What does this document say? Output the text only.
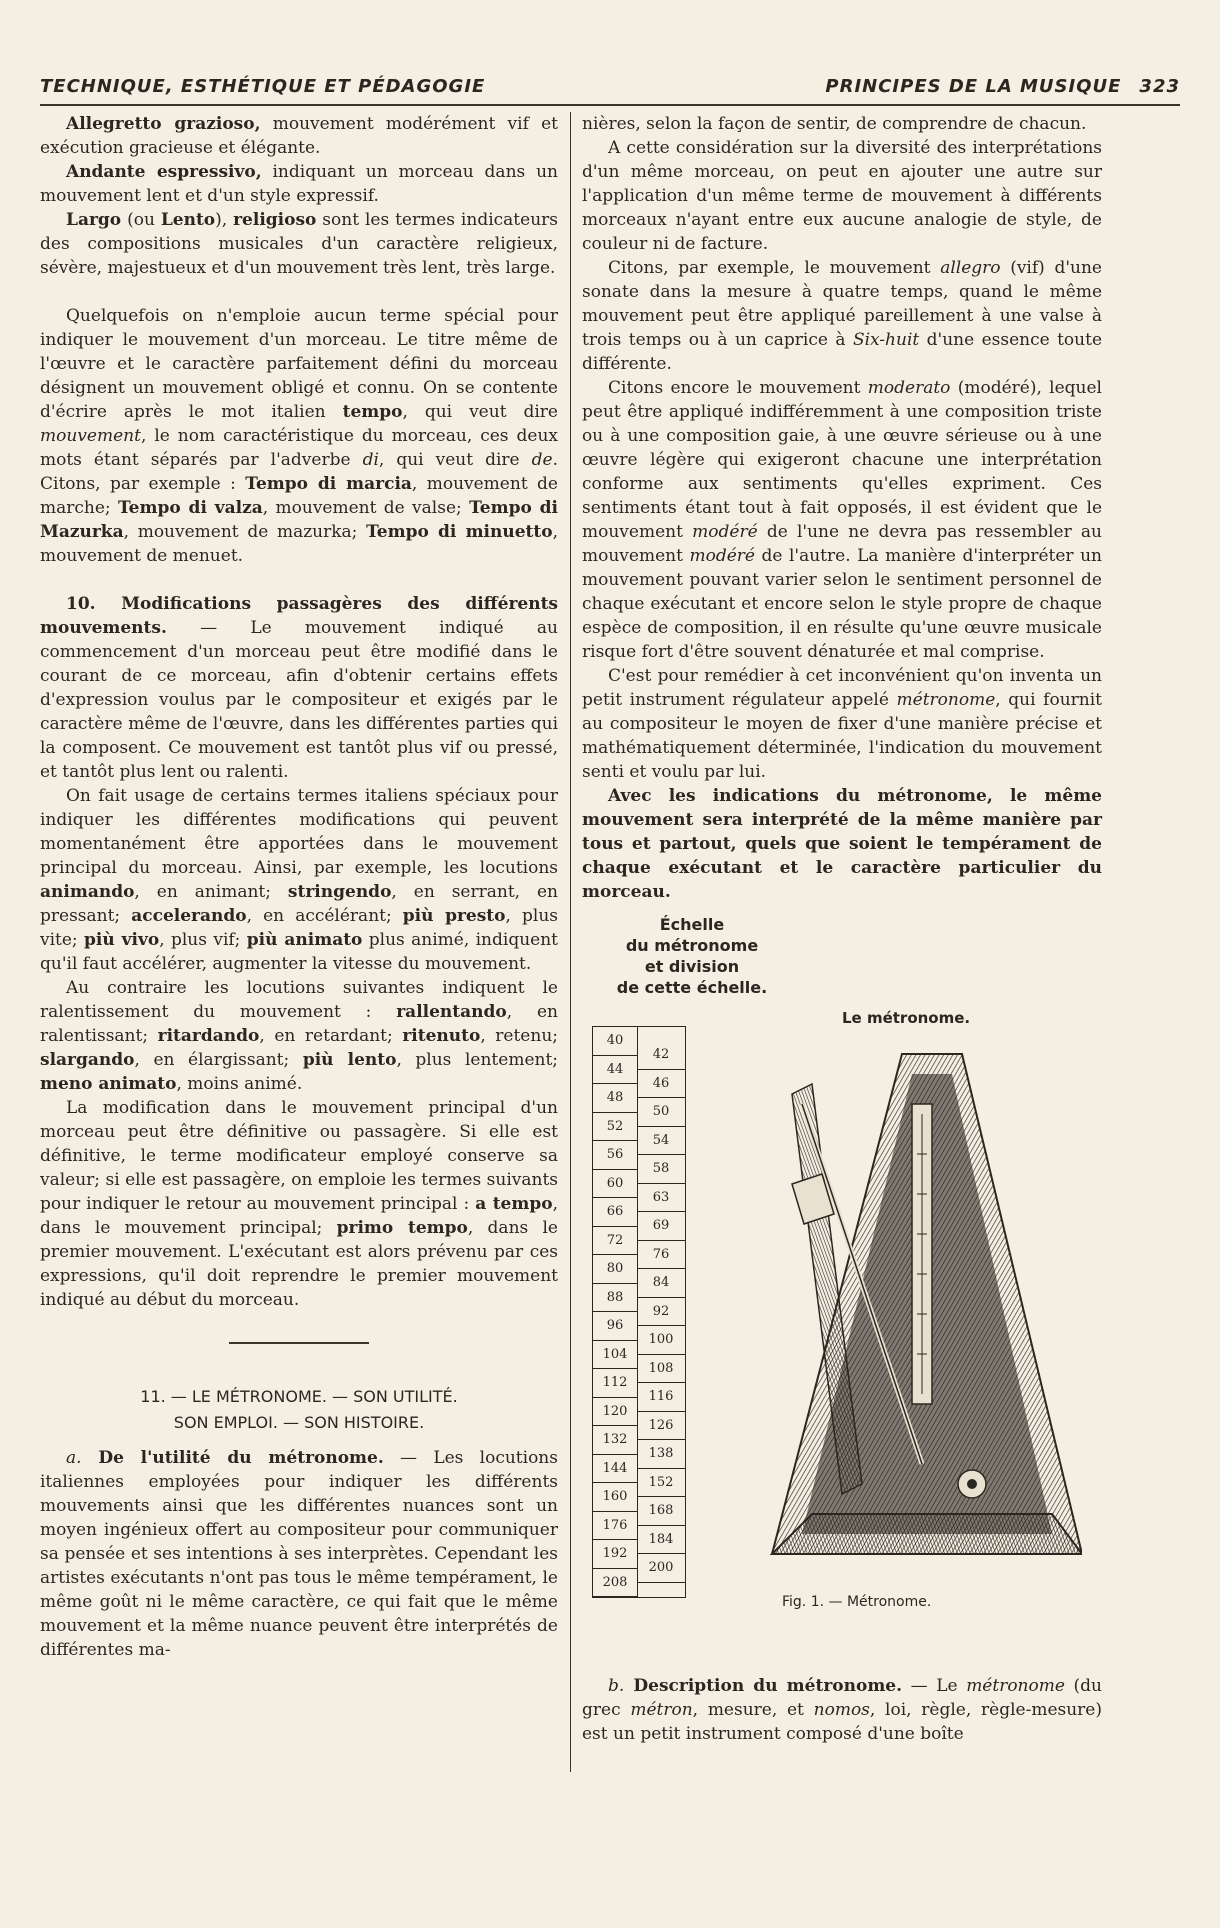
TECHNIQUE, ESTHÉTIQUE ET PÉDAGOGIE	PRINCIPES DE LA MUSIQUE 323

Allegretto grazioso, mouvement modérément vif et exécution gracieuse et élégante.

Andante espressivo, indiquant un morceau dans un mouvement lent et d'un style expressif.

Largo (ou Lento), religioso sont les termes indicateurs des compositions musicales d'un caractère religieux, sévère, majestueux et d'un mouvement très lent, très large.

Quelquefois on n'emploie aucun terme spécial pour indiquer le mouvement d'un morceau. Le titre même de l'œuvre et le caractère parfaitement défini du morceau désignent un mouvement obligé et connu. On se contente d'écrire après le mot italien tempo, qui veut dire mouvement, le nom caractéristique du morceau, ces deux mots étant séparés par l'adverbe di, qui veut dire de. Citons, par exemple : Tempo di marcia, mouvement de marche; Tempo di valza, mouvement de valse; Tempo di Mazurka, mouvement de mazurka; Tempo di minuetto, mouvement de menuet.

10. Modifications passagères des différents mouvements. — Le mouvement indiqué au commencement d'un morceau peut être modifié dans le courant de ce morceau, afin d'obtenir certains effets d'expression voulus par le compositeur et exigés par le caractère même de l'œuvre, dans les différentes parties qui la composent. Ce mouvement est tantôt plus vif ou pressé, et tantôt plus lent ou ralenti.

On fait usage de certains termes italiens spéciaux pour indiquer les différentes modifications qui peuvent momentanément être apportées dans le mouvement principal du morceau. Ainsi, par exemple, les locutions animando, en animant; stringendo, en serrant, en pressant; accelerando, en accélérant; più presto, plus vite; più vivo, plus vif; più animato plus animé, indiquent qu'il faut accélérer, augmenter la vitesse du mouvement.

Au contraire les locutions suivantes indiquent le ralentissement du mouvement : rallentando, en ralentissant; ritardando, en retardant; ritenuto, retenu; slargando, en élargissant; più lento, plus lentement; meno animato, moins animé.

La modification dans le mouvement principal d'un morceau peut être définitive ou passagère. Si elle est définitive, le terme modificateur employé conserve sa valeur; si elle est passagère, on emploie les termes suivants pour indiquer le retour au mouvement principal : a tempo, dans le mouvement principal; primo tempo, dans le premier mouvement. L'exécutant est alors prévenu par ces expressions, qu'il doit reprendre le premier mouvement indiqué au début du morceau.

11. — LE MÉTRONOME. — SON UTILITÉ.
SON EMPLOI. — SON HISTOIRE.

a. De l'utilité du métronome. — Les locutions italiennes employées pour indiquer les différents mouvements ainsi que les différentes nuances sont un moyen ingénieux offert au compositeur pour communiquer sa pensée et ses intentions à ses interprètes. Cependant les artistes exécutants n'ont pas tous le même tempérament, le même goût ni le même caractère, ce qui fait que le même mouvement et la même nuance peuvent être interprétés de différentes ma-

nières, selon la façon de sentir, de comprendre de chacun.

A cette considération sur la diversité des interprétations d'un même morceau, on peut en ajouter une autre sur l'application d'un même terme de mouvement à différents morceaux n'ayant entre eux aucune analogie de style, de couleur ni de facture.

Citons, par exemple, le mouvement allegro (vif) d'une sonate dans la mesure à quatre temps, quand le même mouvement peut être appliqué pareillement à une valse à trois temps ou à un caprice à Six-huit d'une essence toute différente.

Citons encore le mouvement moderato (modéré), lequel peut être appliqué indifféremment à une composition triste ou à une composition gaie, à une œuvre sérieuse ou à une œuvre légère qui exigeront chacune une interprétation conforme aux sentiments qu'elles expriment. Ces sentiments étant tout à fait opposés, il est évident que le mouvement modéré de l'une ne devra pas ressembler au mouvement modéré de l'autre. La manière d'interpréter un mouvement pouvant varier selon le sentiment personnel de chaque exécutant et encore selon le style propre de chaque espèce de composition, il en résulte qu'une œuvre musicale risque fort d'être souvent dénaturée et mal comprise.

C'est pour remédier à cet inconvénient qu'on inventa un petit instrument régulateur appelé métronome, qui fournit au compositeur le moyen de fixer d'une manière précise et mathématiquement déterminée, l'indication du mouvement senti et voulu par lui.

Avec les indications du métronome, le même mouvement sera interprété de la même manière par tous et partout, quels que soient le tempérament de chaque exécutant et le caractère particulier du morceau.

Échelle
du métronome
et division
de cette échelle.
Le métronome.
40
44
48
52
56
60
66
72
80
88
96
104
112
120
132
144
160
176
192
208
42
46
50
54
58
63
69
76
84
92
100
108
116
126
138
152
168
184
200
Fig. 1. — Métronome.

b. Description du métronome. — Le métronome (du grec métron, mesure, et nomos, loi, règle, règle-mesure) est un petit instrument composé d'une boîte
